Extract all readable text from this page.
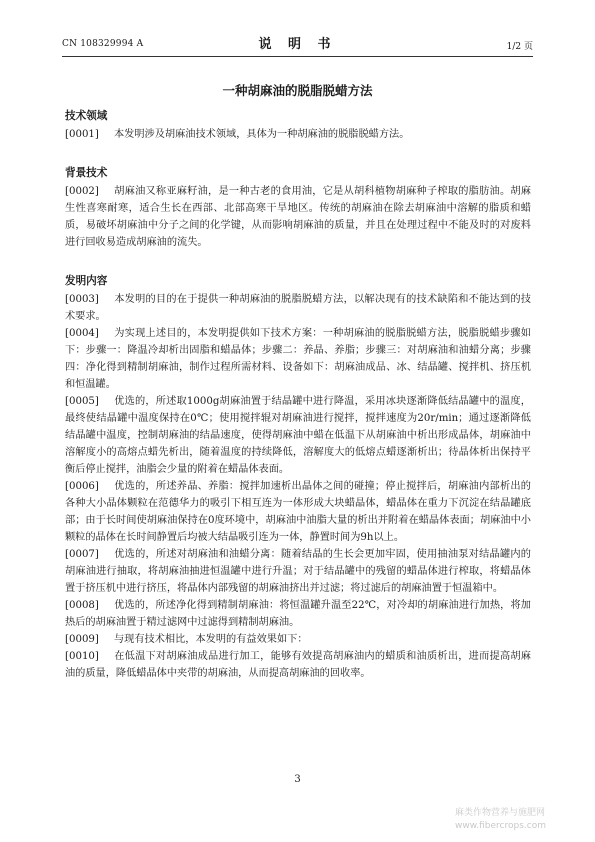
CN 108329994 A	说 明 书	1/2 页
一种胡麻油的脱脂脱蜡方法
技术领域

[0001] 本发明涉及胡麻油技术领域，具体为一种胡麻油的脱脂脱蜡方法。

背景技术

[0002] 胡麻油又称亚麻籽油，是一种古老的食用油，它是从胡科植物胡麻种子榨取的脂肪油。胡麻生性喜寒耐寒，适合生长在西部、北部高寒干旱地区。传统的胡麻油在除去胡麻油中溶解的脂质和蜡质，易破坏胡麻油中分子之间的化学键，从而影响胡麻油的质量，并且在处理过程中不能及时的对废料进行回收易造成胡麻油的流失。

发明内容

[0003] 本发明的目的在于提供一种胡麻油的脱脂脱蜡方法，以解决现有的技术缺陷和不能达到的技术要求。

[0004] 为实现上述目的，本发明提供如下技术方案：一种胡麻油的脱脂脱蜡方法，脱脂脱蜡步骤如下：步骤一：降温冷却析出固脂和蜡晶体；步骤二：养晶、养脂；步骤三：对胡麻油和油蜡分离；步骤四：净化得到精制胡麻油，制作过程所需材料、设备如下：胡麻油成品、冰、结晶罐、搅拌机、挤压机和恒温罐。

[0005] 优选的，所述取1000g胡麻油置于结晶罐中进行降温，采用冰块逐渐降低结晶罐中的温度，最终使结晶罐中温度保持在0℃；使用搅拌辊对胡麻油进行搅拌，搅拌速度为20r/min；通过逐渐降低结晶罐中温度，控制胡麻油的结晶速度，使得胡麻油中蜡在低温下从胡麻油中析出形成晶体，胡麻油中溶解度小的高熔点蜡先析出，随着温度的持续降低，溶解度大的低熔点蜡逐渐析出；待晶体析出保持平衡后停止搅拌，油脂会少量的附着在蜡晶体表面。

[0006] 优选的，所述养晶、养脂：搅拌加速析出晶体之间的碰撞；停止搅拌后，胡麻油内部析出的各种大小晶体颗粒在范德华力的吸引下相互连为一体形成大块蜡晶体，蜡晶体在重力下沉淀在结晶罐底部；由于长时间使胡麻油保持在0度环境中，胡麻油中油脂大量的析出并附着在蜡晶体表面；胡麻油中小颗粒的晶体在长时间静置后均被大结晶吸引连为一体，静置时间为9h以上。

[0007] 优选的，所述对胡麻油和油蜡分离：随着结晶的生长会更加牢固，使用抽油泵对结晶罐内的胡麻油进行抽取，将胡麻油抽进恒温罐中进行升温；对于结晶罐中的残留的蜡晶体进行榨取，将蜡晶体置于挤压机中进行挤压，将晶体内部残留的胡麻油挤出并过滤；将过滤后的胡麻油置于恒温箱中。

[0008] 优选的，所述净化得到精制胡麻油：将恒温罐升温至22℃，对冷却的胡麻油进行加热，将加热后的胡麻油置于精过滤网中过滤得到精制胡麻油。

[0009] 与现有技术相比，本发明的有益效果如下：

[0010] 在低温下对胡麻油成品进行加工，能够有效提高胡麻油内的蜡质和油质析出，进而提高胡麻油的质量，降低蜡晶体中夹带的胡麻油，从而提高胡麻油的回收率。

3
麻类作物营养与施肥网
www.fibercrops.com
